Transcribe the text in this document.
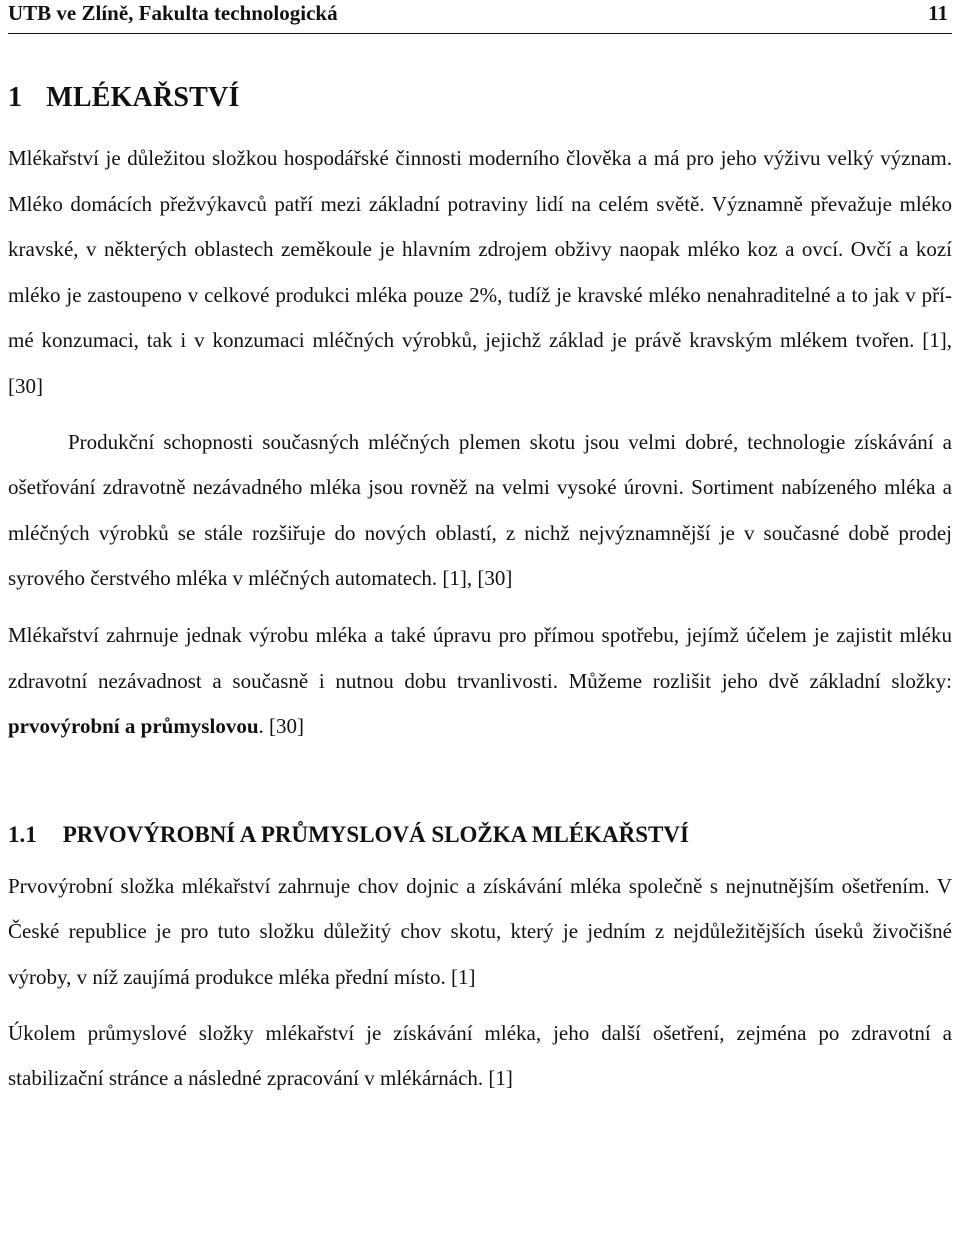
UTB ve Zlíně, Fakulta technologická	11
1 MLÉKAŘSTVÍ

Mlékařství je důležitou složkou hospodářské činnosti moderního člověka a má pro jeho výživu velký význam. Mléko domácích přežvýkavců patří mezi základní potraviny lidí na celém světě. Významně převažuje mléko kravské, v některých oblastech zeměkoule je hlavním zdrojem obživy naopak mléko koz a ovcí. Ovčí a kozí mléko je zastoupeno v celkové produkci mléka pouze 2%, tudíž je kravské mléko nenahraditelné a to jak v pří-mé konzumaci, tak i v konzumaci mléčných výrobků, jejichž základ je právě kravským mlékem tvořen. [1], [30]

Produkční schopnosti současných mléčných plemen skotu jsou velmi dobré, technologie získávání a ošetřování zdravotně nezávadného mléka jsou rovněž na velmi vysoké úrovni. Sortiment nabízeného mléka a mléčných výrobků se stále rozšiřuje do nových oblastí, z nichž nejvýznamnější je v současné době prodej syrového čerstvého mléka v mléčných automatech. [1], [30]

Mlékařství zahrnuje jednak výrobu mléka a také úpravu pro přímou spotřebu, jejímž účelem je zajistit mléku zdravotní nezávadnost a současně i nutnou dobu trvanlivosti. Můžeme rozlišit jeho dvě základní složky: prvovýrobní a průmyslovou. [30]

1.1 PRVOVÝROBNÍ A PRŮMYSLOVÁ SLOŽKA MLÉKAŘSTVÍ

Prvovýrobní složka mlékařství zahrnuje chov dojnic a získávání mléka společně s nejnutnějším ošetřením. V České republice je pro tuto složku důležitý chov skotu, který je jedním z nejdůležitějších úseků živočišné výroby, v níž zaujímá produkce mléka přední místo. [1]

Úkolem průmyslové složky mlékařství je získávání mléka, jeho další ošetření, zejména po zdravotní a stabilizační stránce a následné zpracování v mlékárnách. [1]
